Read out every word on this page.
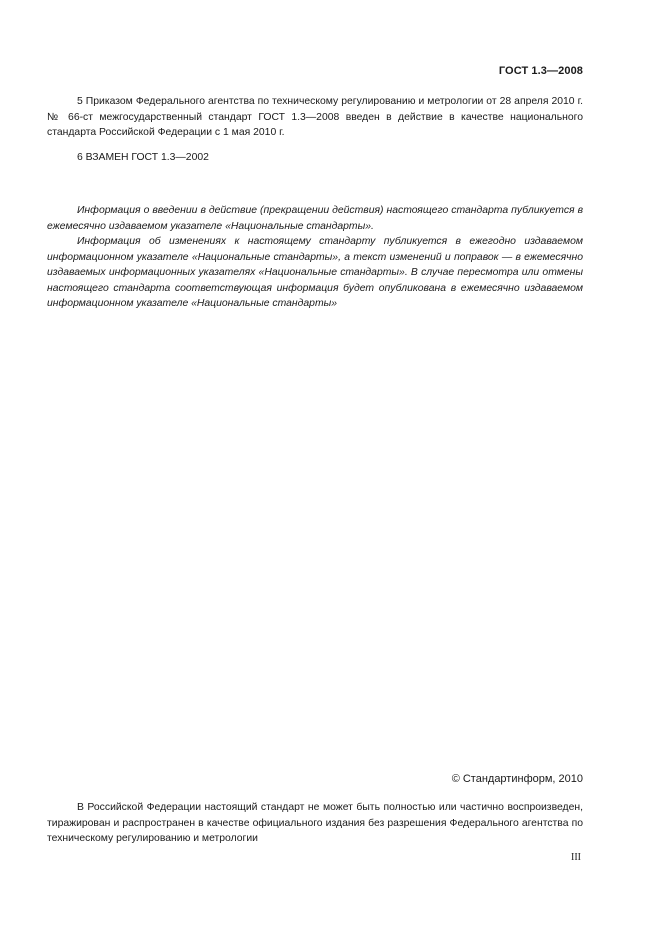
ГОСТ 1.3—2008

5 Приказом Федерального агентства по техническому регулированию и метрологии от 28 апреля 2010 г. № 66-ст межгосударственный стандарт ГОСТ 1.3—2008 введен в действие в качестве национального стандарта Российской Федерации с 1 мая 2010 г.

6 ВЗАМЕН ГОСТ 1.3—2002

Информация о введении в действие (прекращении действия) настоящего стандарта публикуется в ежемесячно издаваемом указателе «Национальные стандарты».

Информация об изменениях к настоящему стандарту публикуется в ежегодно издаваемом информационном указателе «Национальные стандарты», а текст изменений и поправок — в ежемесячно издаваемых информационных указателях «Национальные стандарты». В случае пересмотра или отмены настоящего стандарта соответствующая информация будет опубликована в ежемесячно издаваемом информационном указателе «Национальные стандарты»

© Стандартинформ, 2010

В Российской Федерации настоящий стандарт не может быть полностью или частично воспроизведен, тиражирован и распространен в качестве официального издания без разрешения Федерального агентства по техническому регулированию и метрологии

III
